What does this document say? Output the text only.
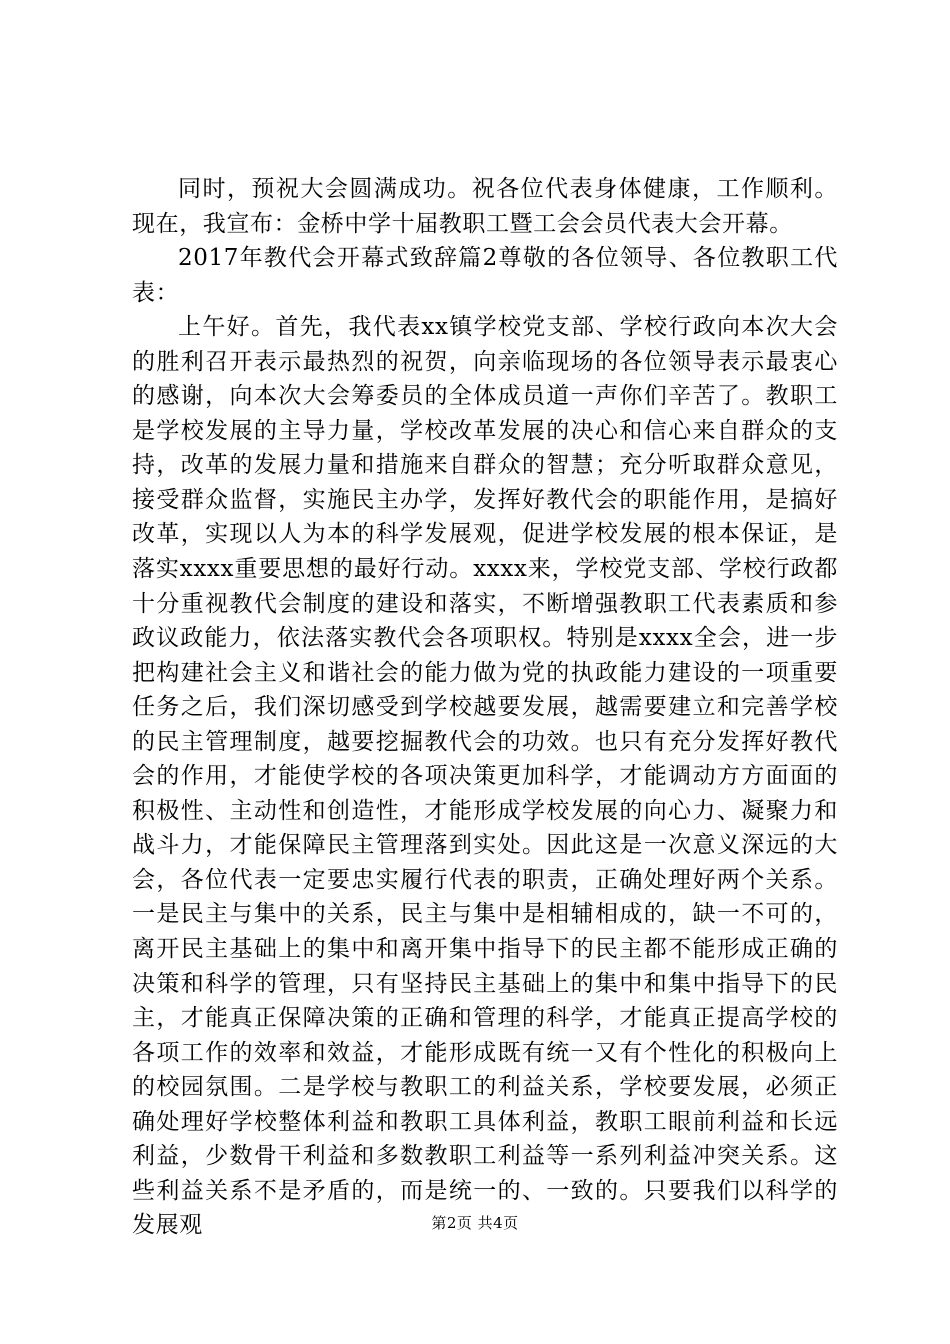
同时，预祝大会圆满成功。祝各位代表身体健康，工作顺利。现在，我宣布：金桥中学十届教职工暨工会会员代表大会开幕。

2017年教代会开幕式致辞篇2尊敬的各位领导、各位教职工代表：

上午好。首先，我代表xx镇学校党支部、学校行政向本次大会的胜利召开表示最热烈的祝贺，向亲临现场的各位领导表示最衷心的感谢，向本次大会筹委员的全体成员道一声你们辛苦了。教职工是学校发展的主导力量，学校改革发展的决心和信心来自群众的支持，改革的发展力量和措施来自群众的智慧；充分听取群众意见，接受群众监督，实施民主办学，发挥好教代会的职能作用，是搞好改革，实现以人为本的科学发展观，促进学校发展的根本保证，是落实xxxx重要思想的最好行动。xxxx来，学校党支部、学校行政都十分重视教代会制度的建设和落实，不断增强教职工代表素质和参政议政能力，依法落实教代会各项职权。特别是xxxx全会，进一步把构建社会主义和谐社会的能力做为党的执政能力建设的一项重要任务之后，我们深切感受到学校越要发展，越需要建立和完善学校的民主管理制度，越要挖掘教代会的功效。也只有充分发挥好教代会的作用，才能使学校的各项决策更加科学，才能调动方方面面的积极性、主动性和创造性，才能形成学校发展的向心力、凝聚力和战斗力，才能保障民主管理落到实处。因此这是一次意义深远的大会，各位代表一定要忠实履行代表的职责，正确处理好两个关系。一是民主与集中的关系，民主与集中是相辅相成的，缺一不可的，离开民主基础上的集中和离开集中指导下的民主都不能形成正确的决策和科学的管理，只有坚持民主基础上的集中和集中指导下的民主，才能真正保障决策的正确和管理的科学，才能真正提高学校的各项工作的效率和效益，才能形成既有统一又有个性化的积极向上的校园氛围。二是学校与教职工的利益关系，学校要发展，必须正确处理好学校整体利益和教职工具体利益，教职工眼前利益和长远利益，少数骨干利益和多数教职工利益等一系列利益冲突关系。这些利益关系不是矛盾的，而是统一的、一致的。只要我们以科学的发展观	第2页 共4页
